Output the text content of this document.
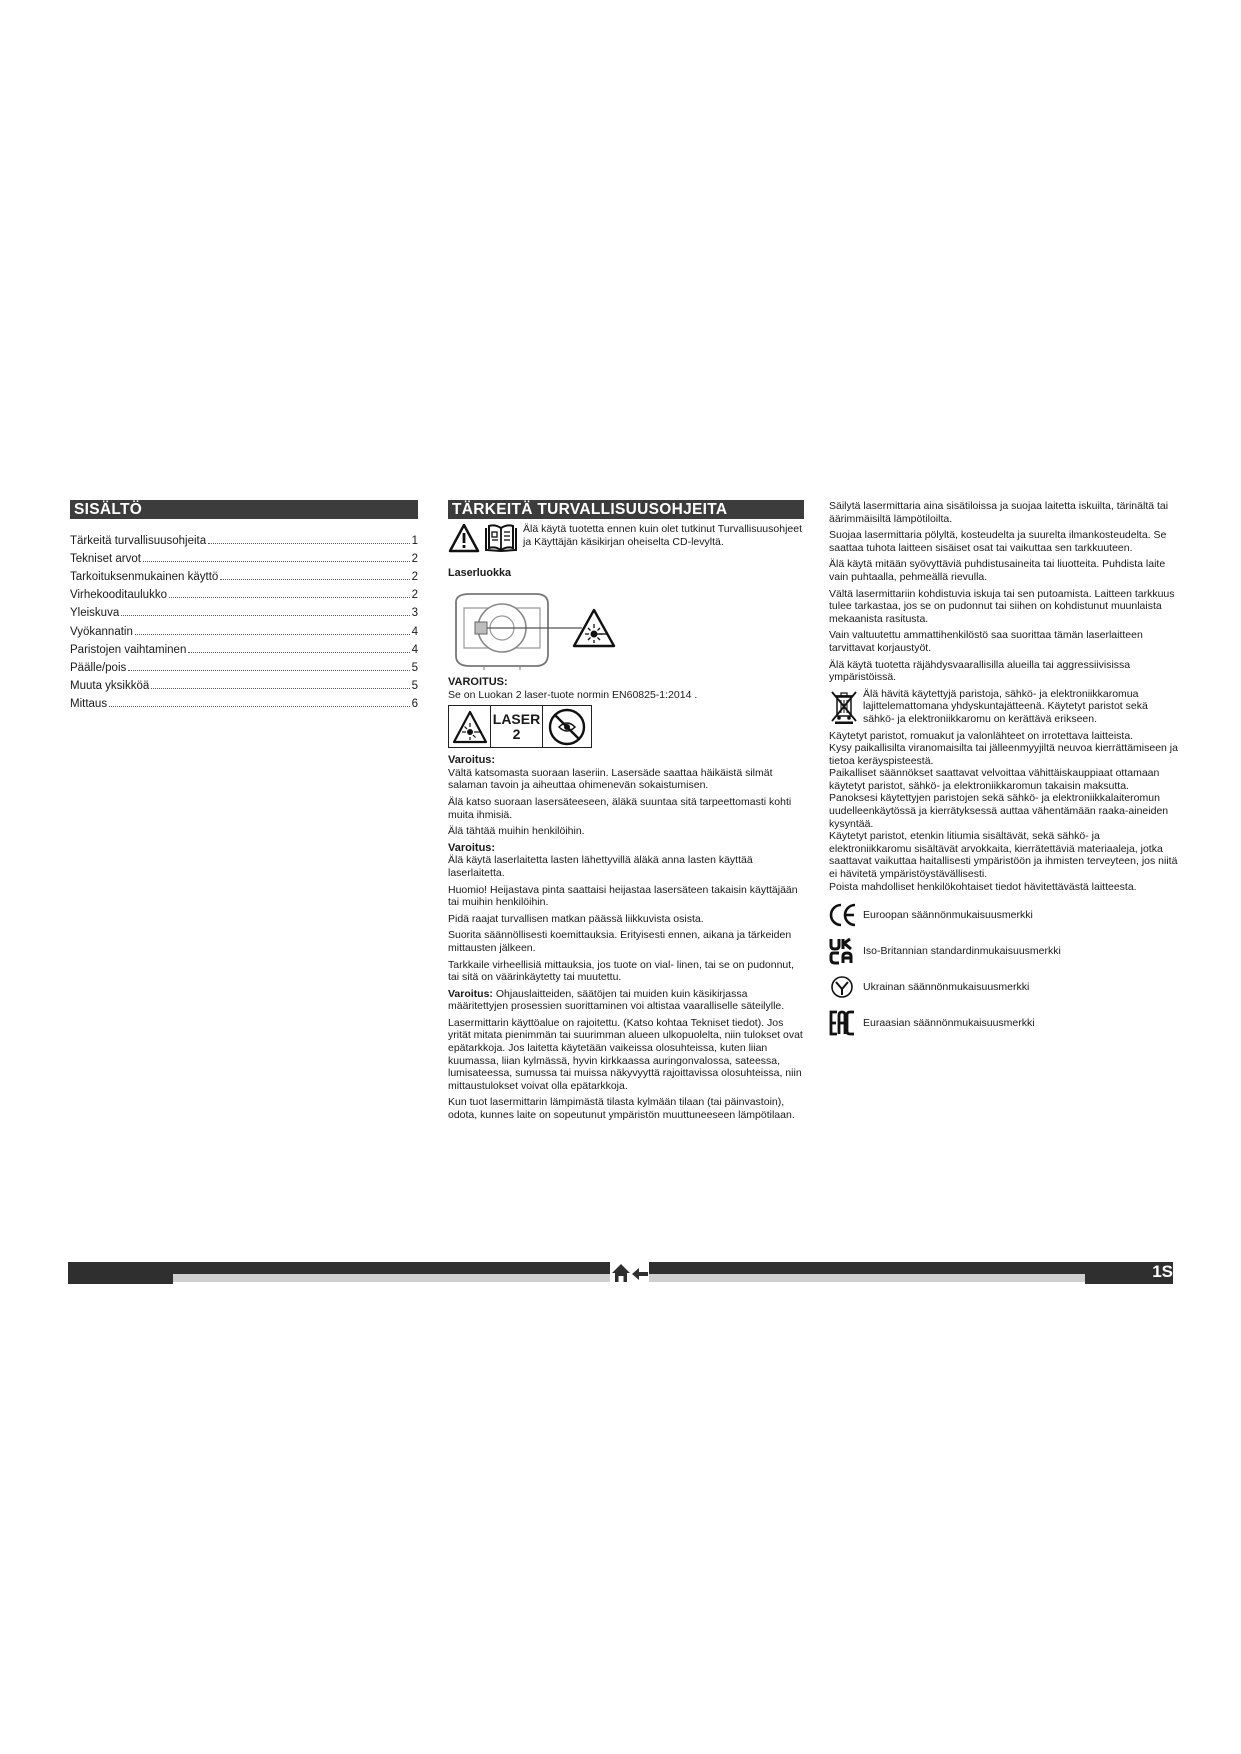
SISÄLTÖ
Tärkeitä turvallisuusohjeita	1
Tekniset arvot	2
Tarkoituksenmukainen käyttö	2
Virhekooditaulukko	2
Yleiskuva	3
Vyökannatin	4
Paristojen vaihtaminen	4
Päälle/pois	5
Muuta yksikköä	5
Mittaus	6
TÄRKEITÄ TURVALLISUUSOHJEITA
Älä käytä tuotetta ennen kuin olet tutkinut Turvallisuusohjeet ja Käyttäjän käsikirjan oheiselta CD-levyltä.
Laserluokka
VAROITUS:

Se on Luokan 2 laser-tuote normin EN60825-1:2014 .

LASER
2
Varoitus:

Vältä katsomasta suoraan laseriin. Lasersäde saattaa häikäistä silmät salaman tavoin ja aiheuttaa ohimenevän sokaistumisen.

Älä katso suoraan lasersäteeseen, äläkä suuntaa sitä tarpeettomasti kohti muita ihmisiä.

Älä tähtää muihin henkilöihin.

Varoitus:

Älä käytä laserlaitetta lasten lähettyvillä äläkä anna lasten käyttää laserlaitetta.

Huomio! Heijastava pinta saattaisi heijastaa lasersäteen takaisin käyttäjään tai muihin henkilöihin.

Pidä raajat turvallisen matkan päässä liikkuvista osista.

Suorita säännöllisesti koemittauksia. Erityisesti ennen, aikana ja tärkeiden mittausten jälkeen.

Tarkkaile virheellisiä mittauksia, jos tuote on vial- linen, tai se on pudonnut, tai sitä on väärinkäytetty tai muutettu.

Varoitus: Ohjauslaitteiden, säätöjen tai muiden kuin käsikirjassa määritettyjen prosessien suorittaminen voi altistaa vaaralliselle säteilylle.

Lasermittarin käyttöalue on rajoitettu. (Katso kohtaa Tekniset tiedot). Jos yrität mitata pienimmän tai suurimman alueen ulkopuolelta, niin tulokset ovat epätarkkoja. Jos laitetta käytetään vaikeissa olosuhteissa, kuten liian kuumassa, liian kylmässä, hyvin kirkkaassa auringonvalossa, sateessa, lumisateessa, sumussa tai muissa näkyvyyttä rajoittavissa olosuhteissa, niin mittaustulokset voivat olla epätarkkoja.

Kun tuot lasermittarin lämpimästä tilasta kylmään tilaan (tai päinvastoin), odota, kunnes laite on sopeutunut ympäristön muuttuneeseen lämpötilaan.

Säilytä lasermittaria aina sisätiloissa ja suojaa laitetta iskuilta, tärinältä tai äärimmäisiltä lämpötiloilta.

Suojaa lasermittaria pölyltä, kosteudelta ja suurelta ilmankosteudelta. Se saattaa tuhota laitteen sisäiset osat tai vaikuttaa sen tarkkuuteen.

Älä käytä mitään syövyttäviä puhdistusaineita tai liuotteita. Puhdista laite vain puhtaalla, pehmeällä rievulla.

Vältä lasermittariin kohdistuvia iskuja tai sen putoamista. Laitteen tarkkuus tulee tarkastaa, jos se on pudonnut tai siihen on kohdistunut muunlaista mekaanista rasitusta.

Vain valtuutettu ammattihenkilöstö saa suorittaa tämän laserlaitteen tarvittavat korjaustyöt.

Älä käytä tuotetta räjähdysvaarallisilla alueilla tai aggressiivisissa ympäristöissä.

Älä hävitä käytettyjä paristoja, sähkö- ja elektroniikkaromua lajittelemattomana yhdyskuntajätteenä. Käytetyt paristot sekä sähkö- ja elektroniikkaromu on kerättävä erikseen.
Käytetyt paristot, romuakut ja valonlähteet on irrotettava laitteista.
Kysy paikallisilta viranomaisilta tai jälleenmyyjiltä neuvoa kierrättämiseen ja tietoa keräyspisteestä.
Paikalliset säännökset saattavat velvoittaa vähittäiskauppiaat ottamaan käytetyt paristot, sähkö- ja elektroniikkaromun takaisin maksutta.
Panoksesi käytettyjen paristojen sekä sähkö- ja elektroniikkalaiteromun uudelleenkäytössä ja kierrätyksessä auttaa vähentämään raaka-aineiden kysyntää.
Käytetyt paristot, etenkin litiumia sisältävät, sekä sähkö- ja elektroniikkaromu sisältävät arvokkaita, kierrätettäviä materiaaleja, jotka saattavat vaikuttaa haitallisesti ympäristöön ja ihmisten terveyteen, jos niitä ei hävitetä ympäristöystävällisesti.
Poista mahdolliset henkilökohtaiset tiedot hävitettävästä laitteesta.
Euroopan säännönmukaisuusmerkki
Iso-Britannian standardinmukaisuusmerkki
Ukrainan säännönmukaisuusmerkki
Euraasian säännönmukaisuusmerkki
1S
